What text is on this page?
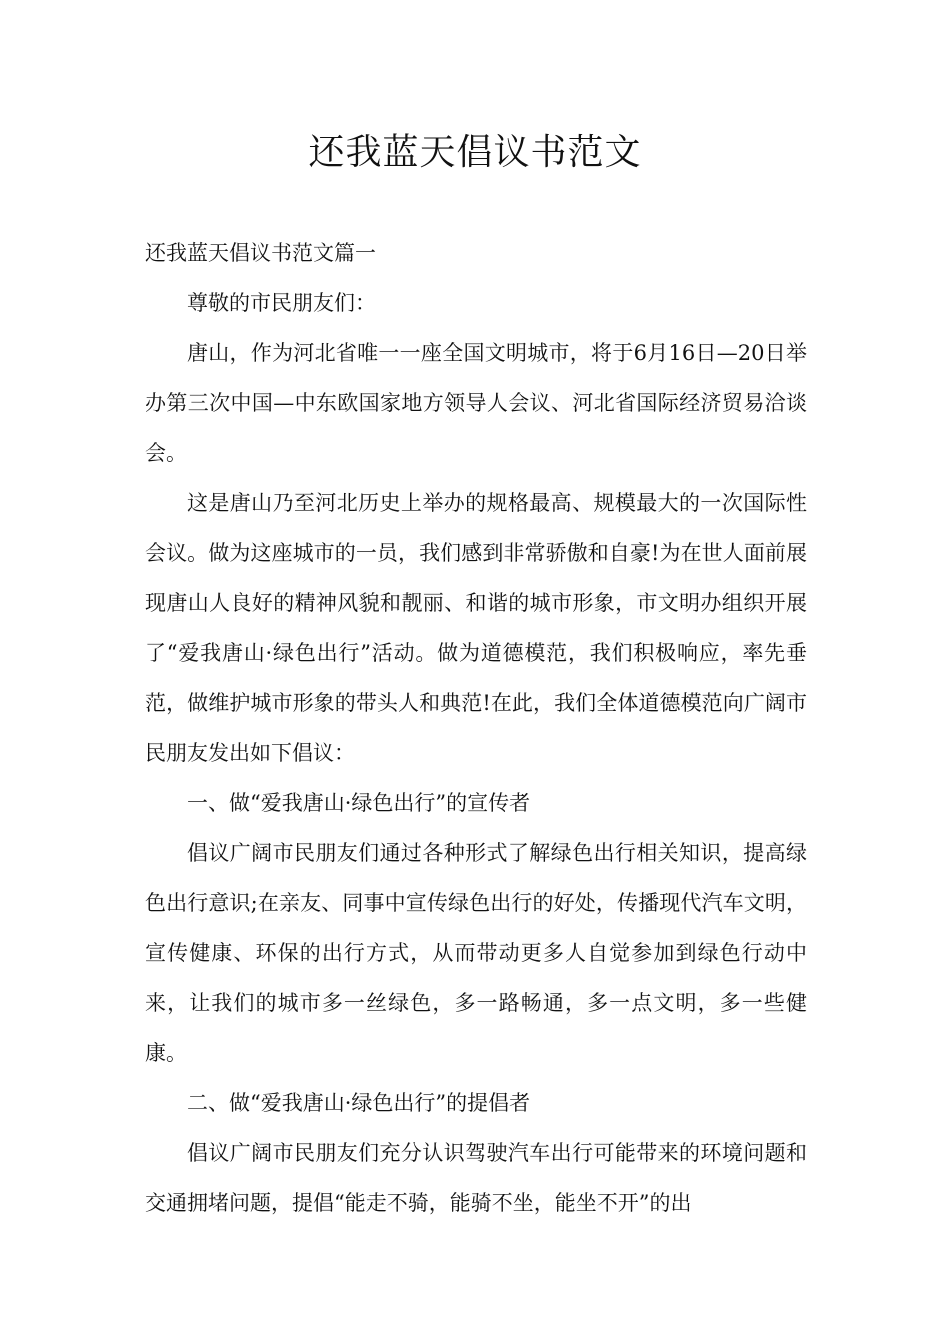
还我蓝天倡议书范文

还我蓝天倡议书范文篇一

尊敬的市民朋友们：

唐山，作为河北省唯一一座全国文明城市，将于6月16日—20日举办第三次中国—中东欧国家地方领导人会议、河北省国际经济贸易洽谈会。

这是唐山乃至河北历史上举办的规格最高、规模最大的一次国际性会议。做为这座城市的一员，我们感到非常骄傲和自豪!为在世人面前展现唐山人良好的精神风貌和靓丽、和谐的城市形象，市文明办组织开展了“爱我唐山·绿色出行”活动。做为道德模范，我们积极响应，率先垂范，做维护城市形象的带头人和典范!在此，我们全体道德模范向广阔市民朋友发出如下倡议：

一、做“爱我唐山·绿色出行”的宣传者

倡议广阔市民朋友们通过各种形式了解绿色出行相关知识，提高绿色出行意识;在亲友、同事中宣传绿色出行的好处，传播现代汽车文明，宣传健康、环保的出行方式，从而带动更多人自觉参加到绿色行动中来，让我们的城市多一丝绿色，多一路畅通，多一点文明，多一些健康。

二、做“爱我唐山·绿色出行”的提倡者

倡议广阔市民朋友们充分认识驾驶汽车出行可能带来的环境问题和交通拥堵问题，提倡“能走不骑，能骑不坐，能坐不开”的出
